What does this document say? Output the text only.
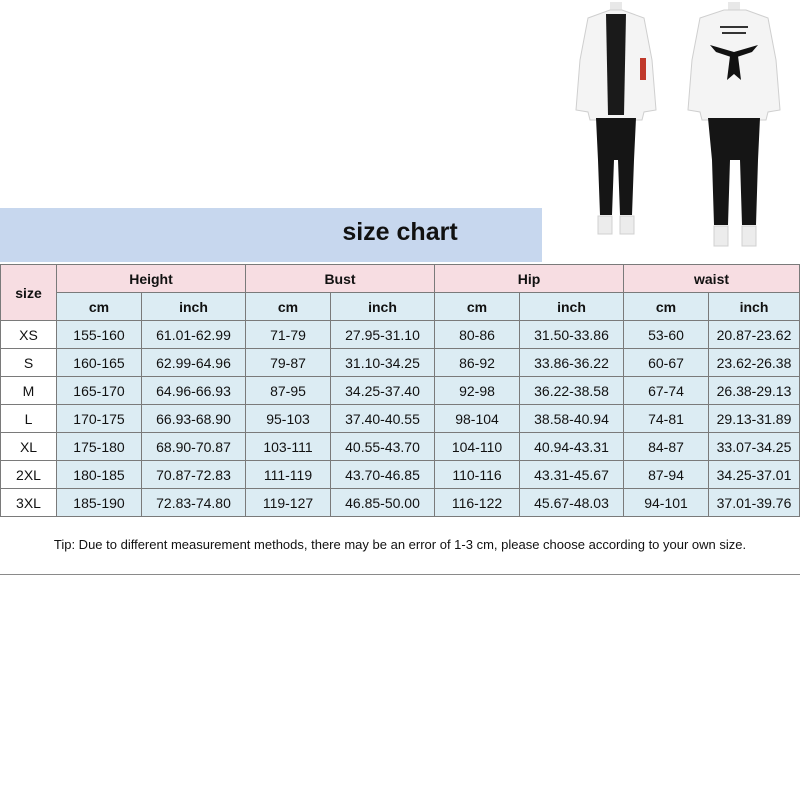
size chart
size	Height		Bust		Hip		waist	
	cm	inch	cm	inch	cm	inch	cm	inch
XS	155-160	61.01-62.99	71-79	27.95-31.10	80-86	31.50-33.86	53-60	20.87-23.62
S	160-165	62.99-64.96	79-87	31.10-34.25	86-92	33.86-36.22	60-67	23.62-26.38
M	165-170	64.96-66.93	87-95	34.25-37.40	92-98	36.22-38.58	67-74	26.38-29.13
L	170-175	66.93-68.90	95-103	37.40-40.55	98-104	38.58-40.94	74-81	29.13-31.89
XL	175-180	68.90-70.87	103-111	40.55-43.70	104-110	40.94-43.31	84-87	33.07-34.25
2XL	180-185	70.87-72.83	111-119	43.70-46.85	110-116	43.31-45.67	87-94	34.25-37.01
3XL	185-190	72.83-74.80	119-127	46.85-50.00	116-122	45.67-48.03	94-101	37.01-39.76
Tip: Due to different measurement methods, there may be an error of 1-3 cm, please choose according to your own size.
